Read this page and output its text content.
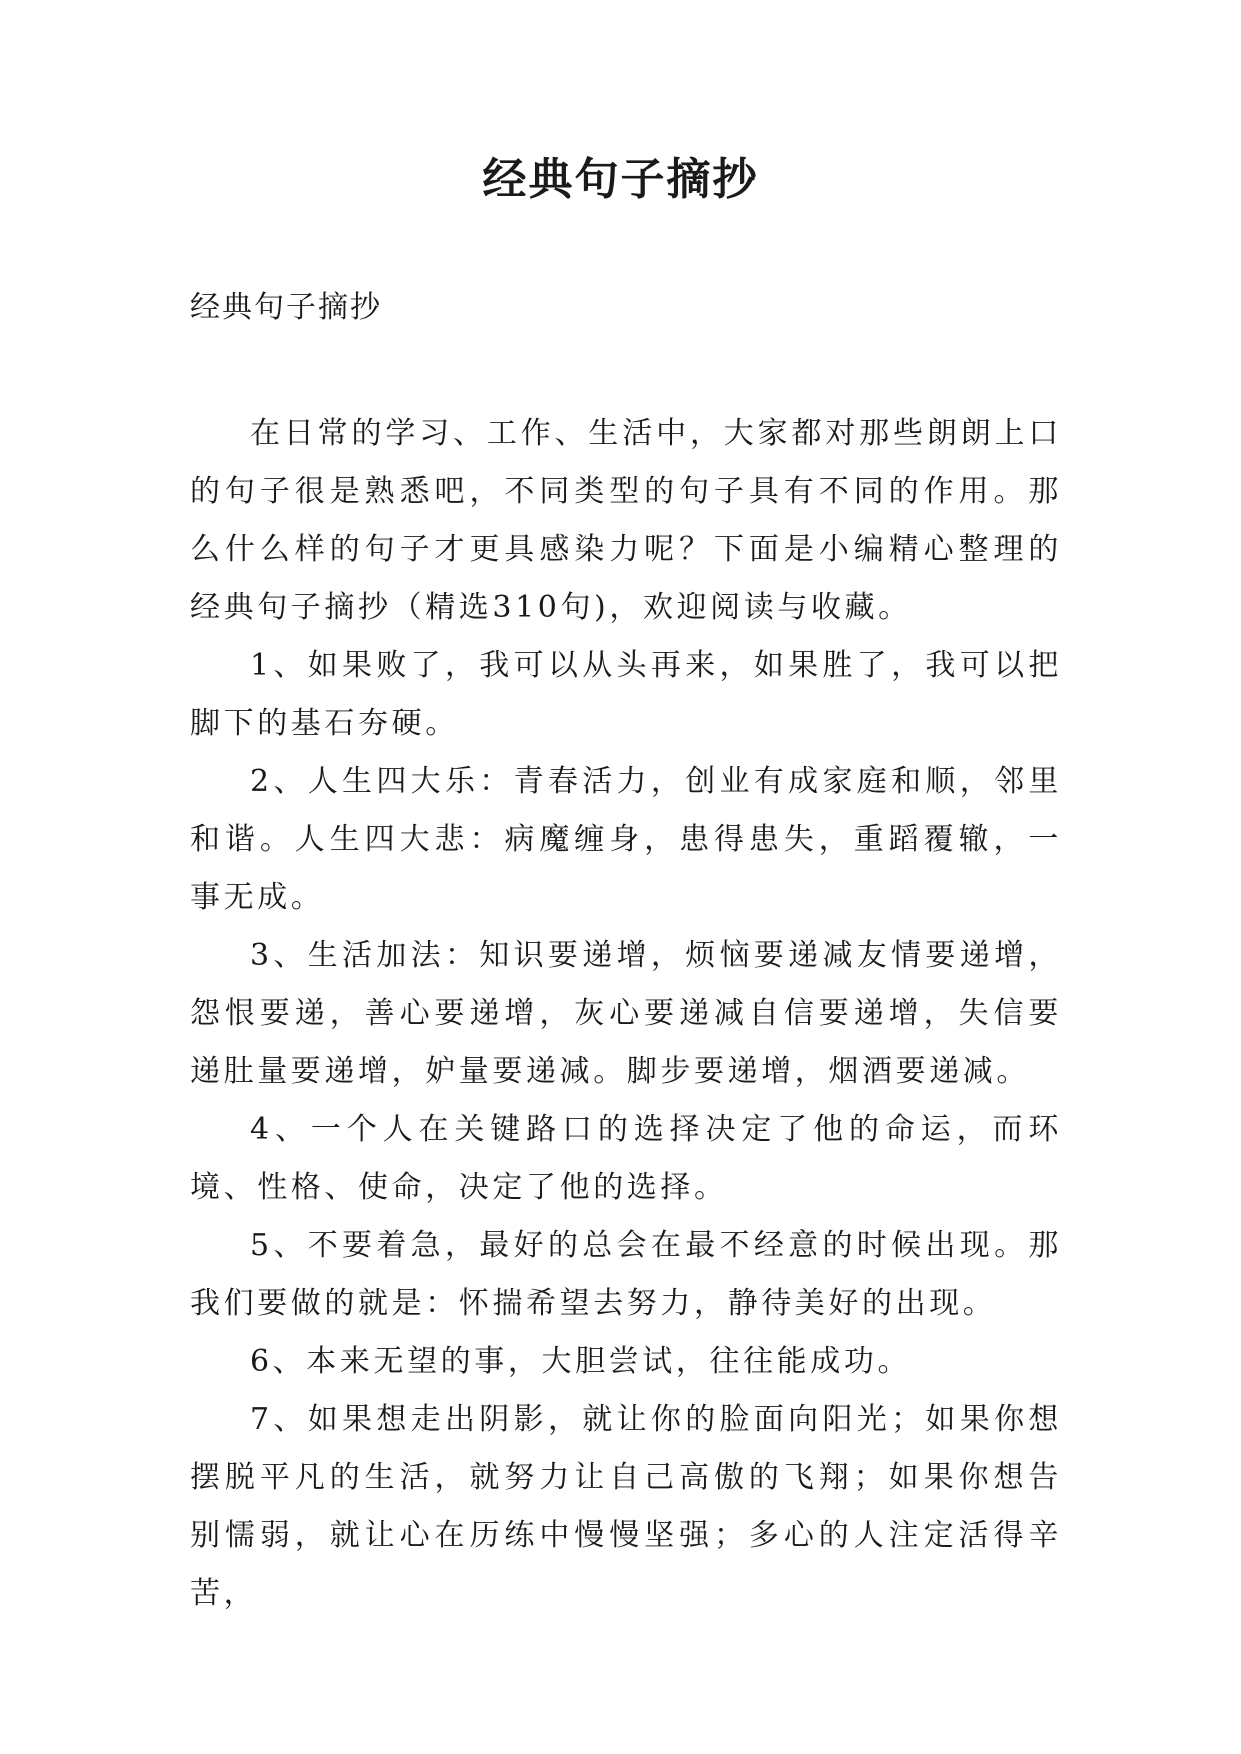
经典句子摘抄

经典句子摘抄

在日常的学习、工作、生活中，大家都对那些朗朗上口的句子很是熟悉吧，不同类型的句子具有不同的作用。那么什么样的句子才更具感染力呢？下面是小编精心整理的经典句子摘抄（精选310句)，欢迎阅读与收藏。

1、如果败了，我可以从头再来，如果胜了，我可以把脚下的基石夯硬。

2、人生四大乐：青春活力，创业有成家庭和顺，邻里和谐。人生四大悲：病魔缠身，患得患失，重蹈覆辙，一事无成。

3、生活加法：知识要递增，烦恼要递减友情要递增，怨恨要递，善心要递增，灰心要递减自信要递增，失信要递肚量要递增，妒量要递减。脚步要递增，烟酒要递减。

4、一个人在关键路口的选择决定了他的命运，而环境、性格、使命，决定了他的选择。

5、不要着急，最好的总会在最不经意的时候出现。那我们要做的就是：怀揣希望去努力，静待美好的出现。

6、本来无望的事，大胆尝试，往往能成功。

7、如果想走出阴影，就让你的脸面向阳光；如果你想摆脱平凡的生活，就努力让自己高傲的飞翔；如果你想告别懦弱，就让心在历练中慢慢坚强；多心的人注定活得辛苦，
